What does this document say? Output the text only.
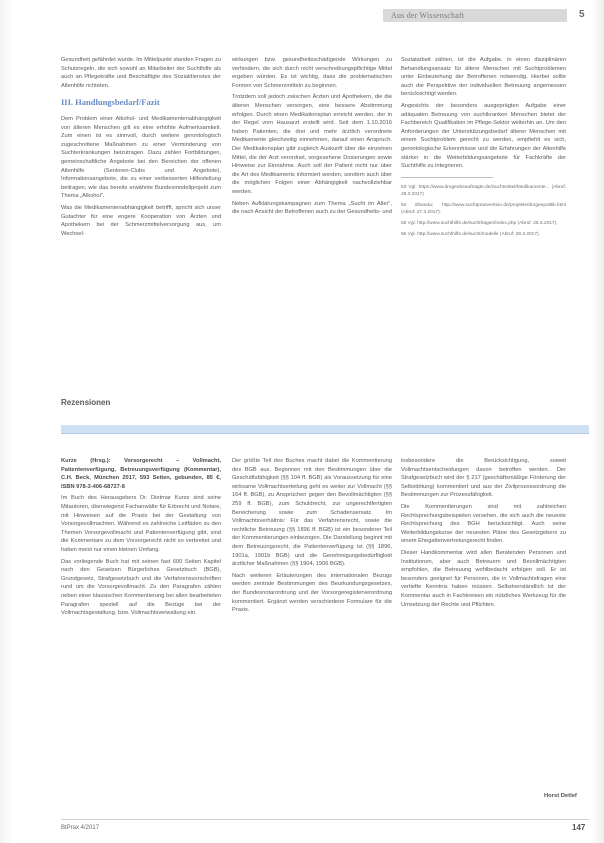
Aus der Wissenschaft	5

Gesundheit gefährdet wurde. Im Mittelpunkt standen Fragen zu Schutzregeln, die sich sowohl an Mitarbeiter der Suchthilfe als auch an Pflegekräfte und Beschäftigte des Sozialdienstes der Altenhilfe richteten.

III. Handlungsbedarf/Fazit

Dem Problem einer Alkohol- und Medikamentenabhängigkeit von älteren Menschen gilt es eine erhöhte Aufmerksamkeit. Zum einen ist es sinnvoll, durch weitere gerontologisch zugeschnittene Maßnahmen zu einer Verminderung von Suchterkrankungen beizutragen. Dazu zählen Fortbildungen, gemeinschaftliche Angebote bei den Bereichen der offenen Altenhilfe (Senioren-Clubs und Angebote), Informationsangebote, die zu einer verbesserten Hilfestellung beitragen, wie das bereits erwähnte Bundesmodellprojekt zum Thema „Alkohol“.

Was die Medikamentenabhängigkeit betrifft, spricht sich unser Gutachter für eine engere Kooperation von Ärzten und Apothekern bei der Schmerzmittelversorgung aus, um Wechsel-

wirkungen bzw. gesundheitsschädigende Wirkungen zu verhindern, die sich durch nicht verschreibungspflichtige Mittel ergeben würden. Es ist wichtig, dass die problematischen Formen von Schmerzmitteln zu beginnen.

Trotzdem soll jedoch zwischen Ärzten und Apothekern, die die älteren Menschen versorgen, eine bessere Abstimmung erfolgen. Durch einen Medikationsplan erreicht werden, der in der Regel vom Hausarzt erstellt wird. Seit dem 1.10.2016 haben Patienten, die drei und mehr ärztlich verordnete Medikamente gleichzeitig einnehmen, darauf einen Anspruch. Der Medikationsplan gibt zugleich Auskunft über die einzelnen Mittel, die der Arzt verordnet, vorgesehene Dosierungen sowie Hinweise zur Einnahme. Auch soll der Patient nicht nur über die Art des Medikaments informiert werden, sondern auch über die möglichen Folgen einer Abhängigkeit nachvollziehbar werden.

Neben Aufklärungskampagnen zum Thema „Sucht im Alter“, die nach Ansicht der Betroffenen auch zu der Gesundheits- und

Sozialarbeit zählen, ist die Aufgabe, in einen disziplinären Behandlungsansatz für ältere Menschen mit Suchtproblemen unter Einbeziehung der Betroffenen notwendig. Hierbei sollte auch die Perspektive der individuellen Betreuung angemessen berücksichtigt werden.

Angesichts der besonders ausgeprägten Aufgabe einer adäquaten Betreuung von suchtkranken Menschen bietet der Fachbereich Qualifikation im Pflege-Sektor weiterhin an. Um den Anforderungen der Unterstützungsbedarf älterer Menschen mit einem Suchtproblem gerecht zu werden, empfiehlt es sich, gerontologische Erkenntnisse und die Erfahrungen der Altenhilfe stärker in die Weiterbildungsangebote für Fachkräfte der Suchthilfe zu integrieren.

53 Vgl. https://www.drogenbeauftragte.de/Suchtmittel/Medikamente... (Abruf: 28.3.2017)
54 Ebenda; http://www.suchtpraevention.de/projekte/drogenpolitik.html (Abruf: 27.3.2017).
55 Vgl. http://www.suchthilfe.de/suchtfragen/index.php (Abruf: 28.3.2017).
56 Vgl. http://www.suchthilfe.de/sucht/modelle (Abruf: 28.3.2017).
Rezensionen

Kurze (Hrsg.): Vorsorgerecht – Vollmacht, Patientenverfügung, Betreuungsverfügung (Kommentar), C.H. Beck, München 2017, 593 Seiten, gebunden, 85 €, ISBN 978-3-406-68727-8

Im Buch des Herausgebers Dr. Dietmar Kurze sind seine Mitautoren, überwiegend Fachanwälte für Erbrecht und Notare, mit Hinweisen auf die Praxis bei der Gestaltung von Vorsorgevollmachten. Während es zahlreiche Leitfäden zu den Themen Vorsorgevollmacht und Patientenverfügung gibt, sind die Kommentare zu dem Vorsorgerecht nicht so verbreitet und haben meist nur einen kleinen Umfang.

Das vorliegende Buch hat mit seinen fast 600 Seiten Kapitel nach den Gesetzen Bürgerliches Gesetzbuch (BGB), Grundgesetz, Strafgesetzbuch und die Verfahrensvorschriften rund um die Vorsorgevollmacht. Zu den Paragrafen zählen neben einer klassischen Kommentierung bei allen bearbeiteten Paragrafen speziell auf die Bezüge bei der Vollmachtsgestaltung, bzw. Vollmachtsverwaltung ein.

Der größte Teil des Buches macht dabei die Kommentierung des BGB aus. Begonnen mit den Bestimmungen über die Geschäftsfähigkeit (§§ 104 ff. BGB) als Voraussetzung für eine wirksame Vollmachtserteilung geht es weiter zur Vollmacht (§§ 164 ff. BGB), zu Ansprüchen gegen den Bevollmächtigten (§§ 259 ff. BGB), zum Schuldrecht, zur ungerechtfertigten Bereicherung sowie zum Schadensersatz. Im Vollmachtsverhältnis: Für das Verfahrensrecht, sowie die rechtliche Betreuung (§§ 1896 ff. BGB) ist ein besonderer Teil der Kommentierungen einbezogen. Die Darstellung beginnt mit dem Betreuungsrecht, die Patientenverfügung ist (§§ 1896, 1901a, 1901b BGB) und die Genehmigungsbedürftigkeit ärztlicher Maßnahmen (§§ 1904, 1906 BGB).

Nach weiteren Erläuterungen des internationalen Bezugs werden zentrale Bestimmungen des Beurkundungsgesetzes, der Bundesnotarordnung und der Vorsorgeregisterverordnung kommentiert. Ergänzt werden verschiedene Formulare für die Praxis.

insbesondere die Berücksichtigung, soweit Vollmachtsentscheidungen davon betroffen werden. Der Strafgesetzbuch wird der § 217 (geschäftsmäßige Förderung der Selbsttötung) kommentiert und aus der Zivilprozessordnung die Bestimmungen zur Prozessfähigkeit.

Die Kommentierungen sind mit zahlreichen Rechtsprechungsbeispielen versehen, die sich auch die neueste Rechtsprechung des BGH berücksichtigt. Auch seine Weiterbildungskurse der neuesten Pläne des Gesetzgebers zu einem Ehegattenvertretungsrecht finden.

Dieser Handkommentar wird allen Beratenden Personen und Institutionen, aber auch Betreuern und Bevollmächtigten empfohlen, die Betreuung wohlbedacht erfolgen soll. Er ist besonders geeignet für Personen, die in Vollmachtsfragen eine vertiefte Kenntnis haben müssen. Selbstverständlich ist der Kommentar auch in Fachkreisen ein nützliches Werkzeug für die Umsetzung der Rechte und Pflichten.

Horst Detlef
BtPrax 4/2017	147
